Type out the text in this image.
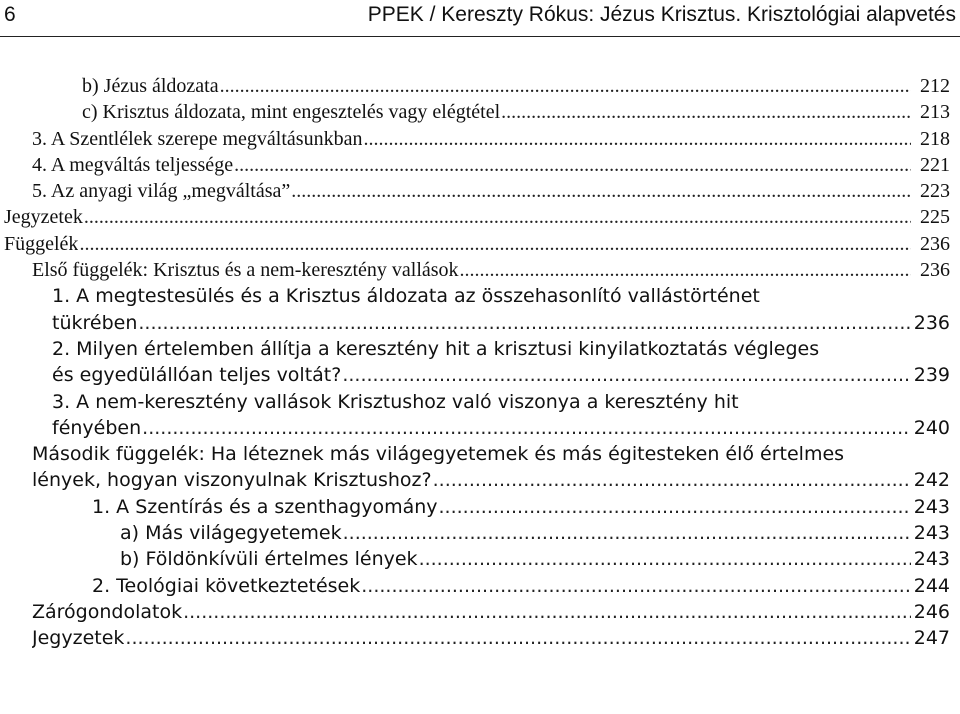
6	PPEK / Kereszty Rókus: Jézus Krisztus. Krisztológiai alapvetés
b) Jézus áldozata .....	212
c) Krisztus áldozata, mint engesztelés vagy elégtétel .....	213
3. A Szentlélek szerepe megváltásunkban .....	218
4. A megváltás teljessége .....	221
5. Az anyagi világ „megváltása” .....	223
Jegyzetek .....	225
Függelék .....	236
Első függelék: Krisztus és a nem-keresztény vallások .....	236
1. A megtestesülés és a Krisztus áldozata az összehasonlító vallástörténet
tükrében .....	236
2. Milyen értelemben állítja a keresztény hit a krisztusi kinyilatkoztatás végleges
és egyedülállóan teljes voltát? .....	239
3. A nem-keresztény vallások Krisztushoz való viszonya a keresztény hit
fényében .....	240
Második függelék: Ha léteznek más világegyetemek és más égitesteken élő értelmes
lények, hogyan viszonyulnak Krisztushoz? .....	242
1. A Szentírás és a szenthagyomány .....	243
a) Más világegyetemek .....	243
b) Földönkívüli értelmes lények .....	243
2. Teológiai következtetések .....	244
Zárógondolatok .....	246
Jegyzetek .....	247
